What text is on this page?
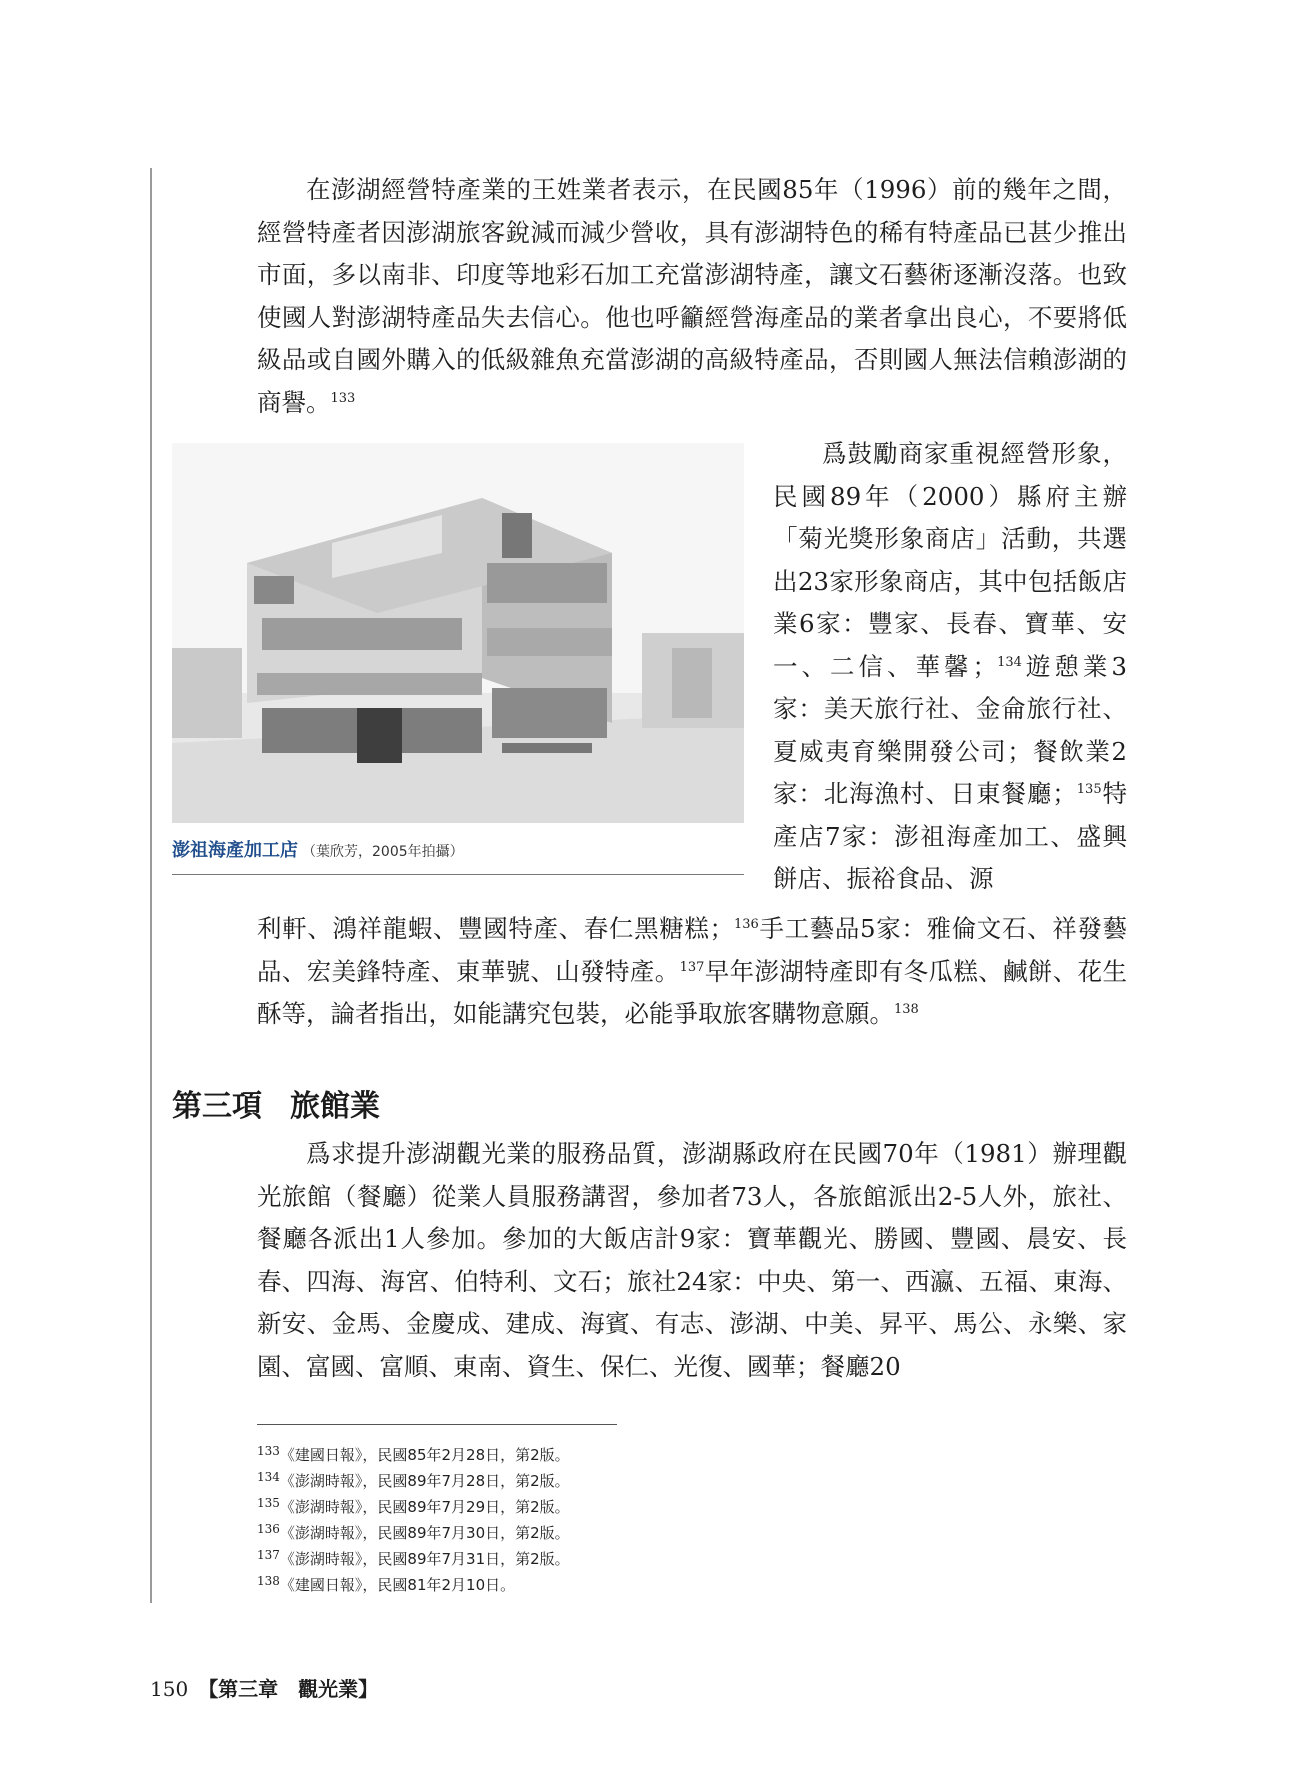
在澎湖經營特產業的王姓業者表示，在民國85年（1996）前的幾年之間，經營特產者因澎湖旅客銳減而減少營收，具有澎湖特色的稀有特產品已甚少推出市面，多以南非、印度等地彩石加工充當澎湖特產，讓文石藝術逐漸沒落。也致使國人對澎湖特產品失去信心。他也呼籲經營海產品的業者拿出良心，不要將低級品或自國外購入的低級雜魚充當澎湖的高級特產品，否則國人無法信賴澎湖的商譽。$^{133}$

澎祖海產加工店 （葉欣芳，2005年拍攝）

爲鼓勵商家重視經營形象，民國89年（2000）縣府主辦「菊光獎形象商店」活動，共選出23家形象商店，其中包括飯店業6家：豐家、長春、寶華、安一、二信、華馨；$^{134}$遊憩業3家：美天旅行社、金侖旅行社、夏威夷育樂開發公司；餐飲業2家：北海漁村、日東餐廳；$^{135}$特產店7家：澎祖海產加工、盛興餅店、振裕食品、源

利軒、鴻祥龍蝦、豐國特產、春仁黑糖糕；$^{136}$手工藝品5家：雅倫文石、祥發藝品、宏美鋒特產、東華號、山發特產。$^{137}$早年澎湖特產即有冬瓜糕、鹹餅、花生酥等，論者指出，如能講究包裝，必能爭取旅客購物意願。$^{138}$

第三項 旅館業

爲求提升澎湖觀光業的服務品質，澎湖縣政府在民國70年（1981）辦理觀光旅館（餐廳）從業人員服務講習，參加者73人，各旅館派出2-5人外，旅社、餐廳各派出1人參加。參加的大飯店計9家：寶華觀光、勝國、豐國、晨安、長春、四海、海宮、伯特利、文石；旅社24家：中央、第一、西瀛、五福、東海、新安、金馬、金慶成、建成、海賓、有志、澎湖、中美、昇平、馬公、永樂、家園、富國、富順、東南、資生、保仁、光復、國華；餐廳20

$^{133}$《建國日報》，民國85年2月28日，第2版。
$^{134}$《澎湖時報》，民國89年7月28日，第2版。
$^{135}$《澎湖時報》，民國89年7月29日，第2版。
$^{136}$《澎湖時報》，民國89年7月30日，第2版。
$^{137}$《澎湖時報》，民國89年7月31日，第2版。
$^{138}$《建國日報》，民國81年2月10日。
150 【第三章　觀光業】
